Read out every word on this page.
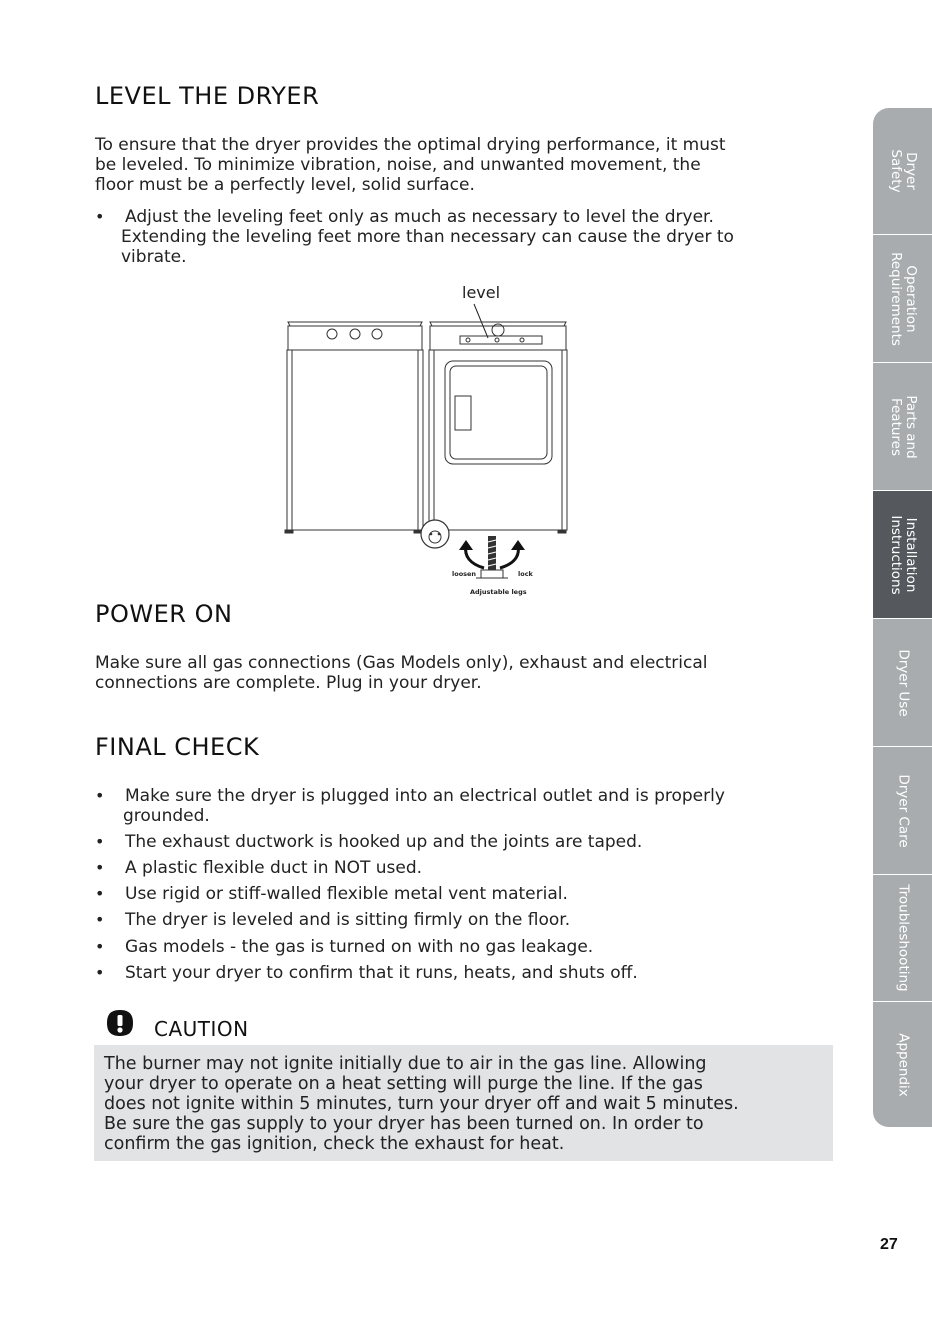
LEVEL THE DRYER

To ensure that the dryer provides the optimal drying performance, it must

be leveled. To minimize vibration, noise, and unwanted movement, the

floor must be a perfectly level, solid surface.

•	Adjust the leveling feet only as much as necessary to level the dryer.
Extending the leveling feet more than necessary can cause the dryer to
vibrate.
level
loosen	lock
Adjustable legs
POWER ON

Make sure all gas connections (Gas Models only), exhaust and electrical

connections are complete. Plug in your dryer.

FINAL CHECK
•	Make sure the dryer is plugged into an electrical outlet and is properly
grounded.
•	The exhaust ductwork is hooked up and the joints are taped.
•	A plastic flexible duct in NOT used.
•	Use rigid or stiff-walled flexible metal vent material.
•	The dryer is leveled and is sitting firmly on the floor.
•	Gas models - the gas is turned on with no gas leakage.
•	Start your dryer to confirm that it runs, heats, and shuts off.
CAUTION
The burner may not ignite initially due to air in the gas line. Allowing
your dryer to operate on a heat setting will purge the line. If the gas
does not ignite within 5 minutes, turn your dryer off and wait 5 minutes.
Be sure the gas supply to your dryer has been turned on. In order to
confirm the gas ignition, check the exhaust for heat.
Dryer
Safety
Operation
Requirements
Parts and
Features
Installation
Instructions
Dryer Use
Dryer Care
Troubleshooting
Appendix
27
